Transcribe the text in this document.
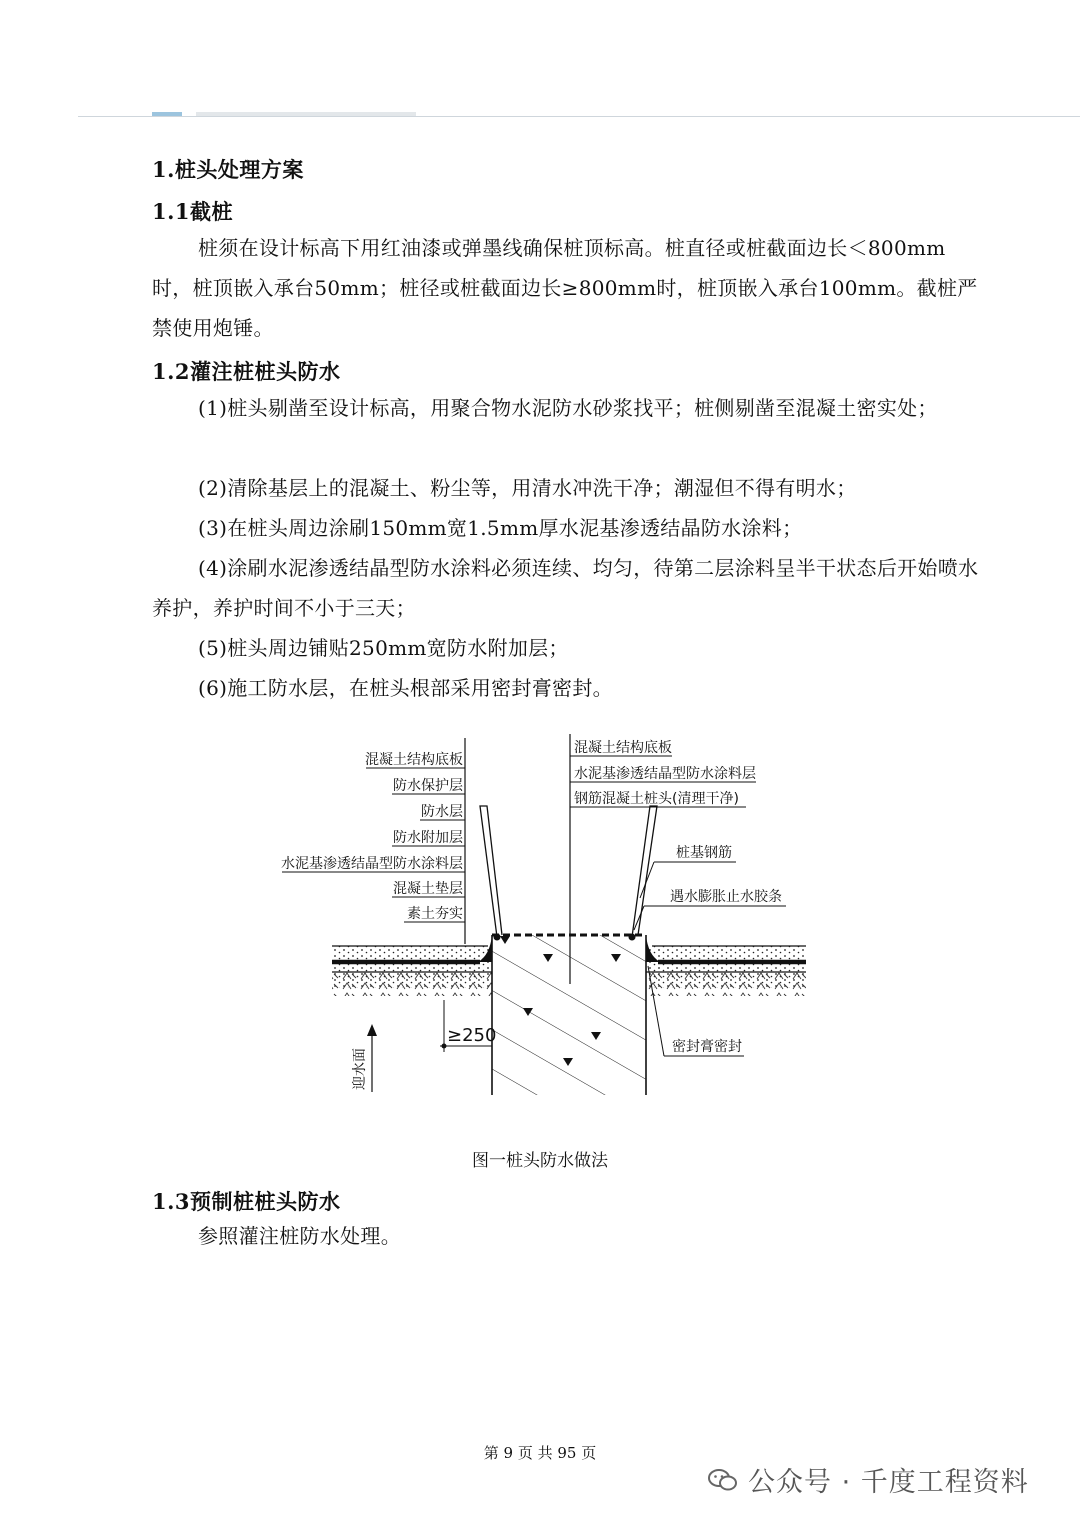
1.桩头处理方案
1.1截桩

桩须在设计标高下用红油漆或弹墨线确保桩顶标高。桩直径或桩截面边长＜800mm时，桩顶嵌入承台50mm；桩径或桩截面边长≥800mm时，桩顶嵌入承台100mm。截桩严禁使用炮锤。

1.2灌注桩桩头防水

(1)桩头剔凿至设计标高，用聚合物水泥防水砂浆找平；桩侧剔凿至混凝土密实处；

(2)清除基层上的混凝土、粉尘等，用清水冲洗干净；潮湿但不得有明水；

(3)在桩头周边涂刷150mm宽1.5mm厚水泥基渗透结晶防水涂料；

(4)涂刷水泥渗透结晶型防水涂料必须连续、均匀，待第二层涂料呈半干状态后开始喷水养护，养护时间不小于三天；

(5)桩头周边铺贴250mm宽防水附加层；

(6)施工防水层，在桩头根部采用密封膏密封。

混凝土结构底板
防水保护层
防水层
防水附加层
水泥基渗透结晶型防水涂料层
混凝土垫层
素土夯实
混凝土结构底板
水泥基渗透结晶型防水涂料层
钢筋混凝土桩头(清理干净)
桩基钢筋
遇水膨胀止水胶条
密封膏密封
≥250
迎水面
图一桩头防水做法
1.3预制桩桩头防水

参照灌注桩防水处理。

第 9 页 共 95 页
公众号 · 千度工程资料
